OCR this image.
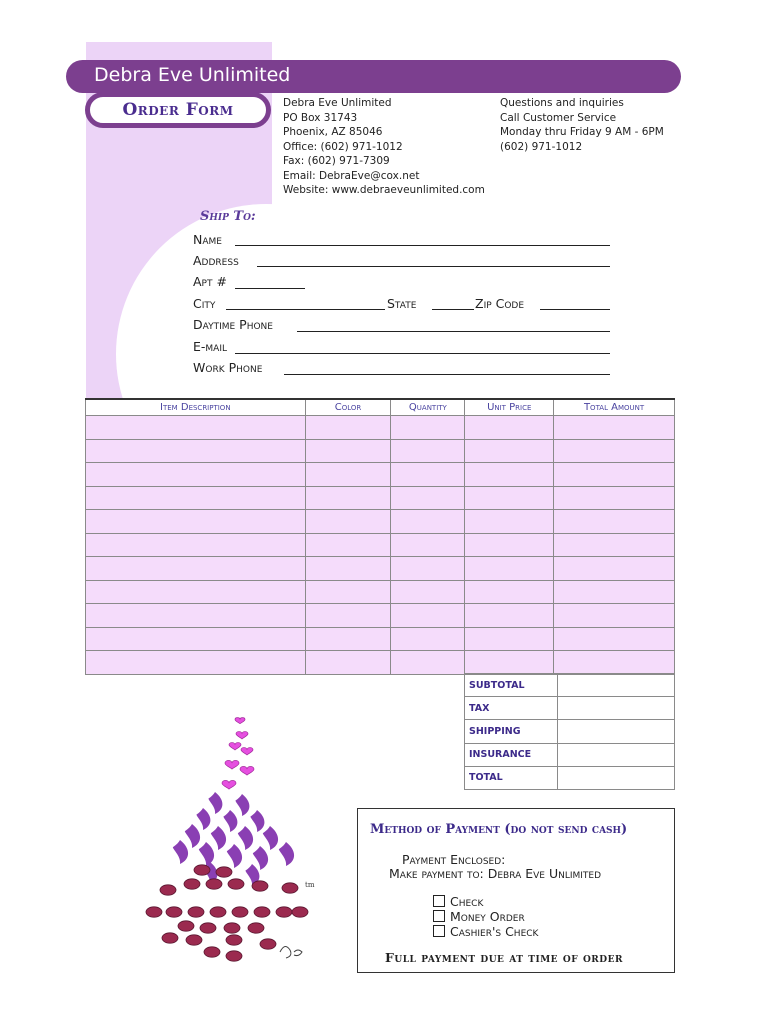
Debra Eve Unlimited
Order Form	Debra Eve Unlimited
PO Box 31743
Phoenix, AZ 85046
Office: (602) 971-1012
Fax: (602) 971-7309
Email: DebraEve@cox.net
Website: www.debraeveunlimited.com
Questions and inquiries
Call Customer Service
Monday thru Friday 9 AM - 6PM
(602) 971-1012
Ship To:
Name
Address
Apt #
City	State	Zip Code
Daytime Phone
E-mail
Work Phone
Item Description	Color	Quantity	Unit Price	Total Amount

SUBTOTAL	
TAX	
SHIPPING	
INSURANCE	
TOTAL	
tm
Method of Payment (do not send cash)
Payment Enclosed:
Make payment to: Debra Eve Unlimited
Check
Money Order
Cashier's Check
Full payment due at time of order
